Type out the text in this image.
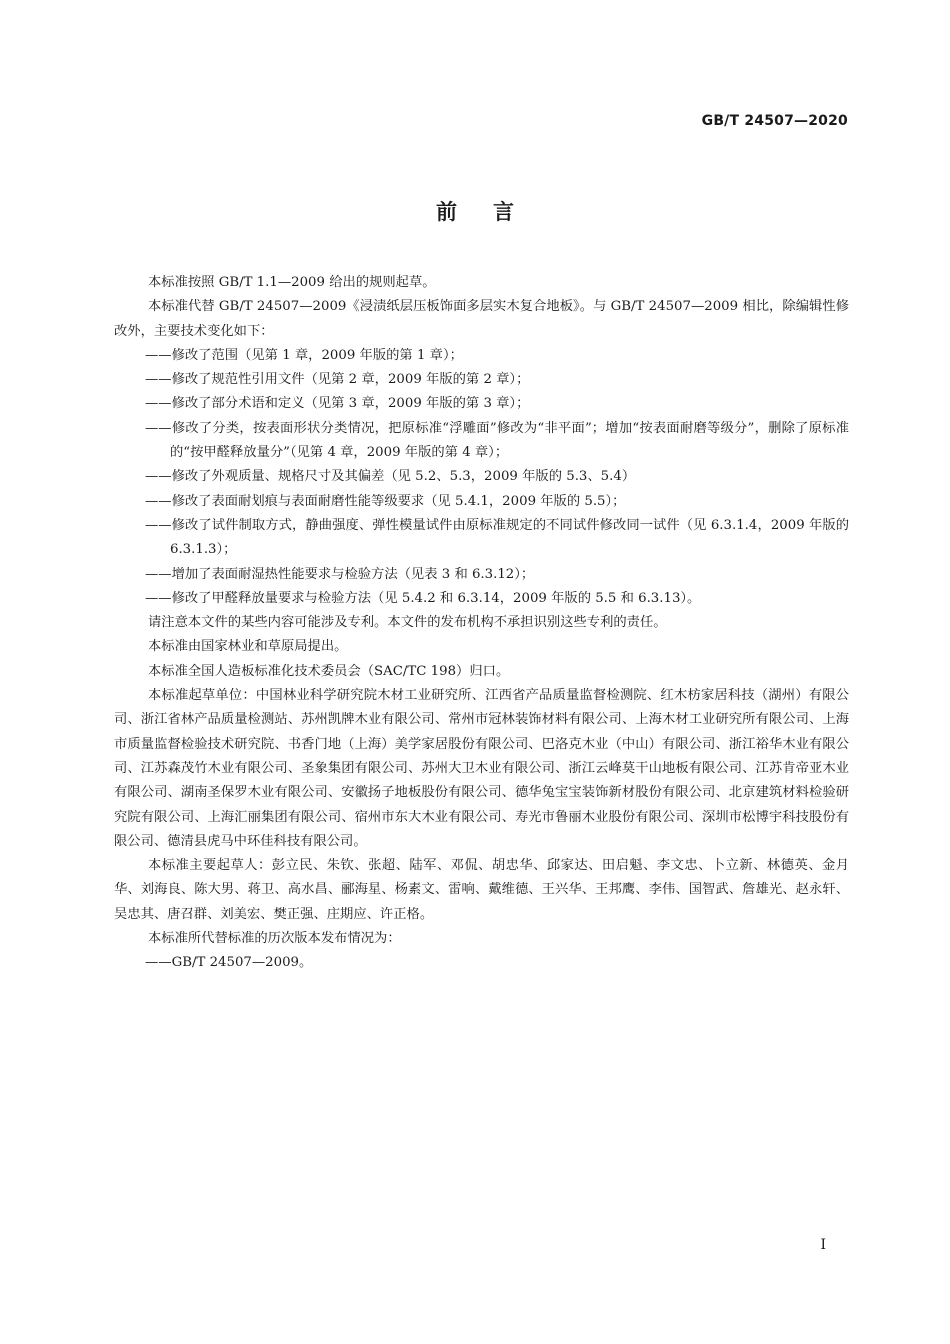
GB/T 24507—2020
前言

本标准按照 GB/T 1.1—2009 给出的规则起草。

本标准代替 GB/T 24507—2009《浸渍纸层压板饰面多层实木复合地板》。与 GB/T 24507—2009 相比，除编辑性修改外，主要技术变化如下：

——修改了范围（见第 1 章，2009 年版的第 1 章）；

——修改了规范性引用文件（见第 2 章，2009 年版的第 2 章）；

——修改了部分术语和定义（见第 3 章，2009 年版的第 3 章）；

——修改了分类，按表面形状分类情况，把原标准“浮雕面”修改为“非平面”；增加“按表面耐磨等级分”，删除了原标准的“按甲醛释放量分”（见第 4 章，2009 年版的第 4 章）；

——修改了外观质量、规格尺寸及其偏差（见 5.2、5.3，2009 年版的 5.3、5.4）

——修改了表面耐划痕与表面耐磨性能等级要求（见 5.4.1，2009 年版的 5.5）；

——修改了试件制取方式，静曲强度、弹性模量试件由原标准规定的不同试件修改同一试件（见 6.3.1.4，2009 年版的 6.3.1.3）；

——增加了表面耐湿热性能要求与检验方法（见表 3 和 6.3.12）；

——修改了甲醛释放量要求与检验方法（见 5.4.2 和 6.3.14，2009 年版的 5.5 和 6.3.13）。

请注意本文件的某些内容可能涉及专利。本文件的发布机构不承担识别这些专利的责任。

本标准由国家林业和草原局提出。

本标准全国人造板标准化技术委员会（SAC/TC 198）归口。

本标准起草单位：中国林业科学研究院木材工业研究所、江西省产品质量监督检测院、红木枋家居科技（湖州）有限公司、浙江省林产品质量检测站、苏州凯牌木业有限公司、常州市冠林装饰材料有限公司、上海木材工业研究所有限公司、上海市质量监督检验技术研究院、书香门地（上海）美学家居股份有限公司、巴洛克木业（中山）有限公司、浙江裕华木业有限公司、江苏森茂竹木业有限公司、圣象集团有限公司、苏州大卫木业有限公司、浙江云峰莫干山地板有限公司、江苏肯帝亚木业有限公司、湖南圣保罗木业有限公司、安徽扬子地板股份有限公司、德华兔宝宝装饰新材股份有限公司、北京建筑材料检验研究院有限公司、上海汇丽集团有限公司、宿州市东大木业有限公司、寿光市鲁丽木业股份有限公司、深圳市松博宇科技股份有限公司、德清县虎马中环佳科技有限公司。

本标准主要起草人：彭立民、朱钦、张超、陆军、邓侃、胡忠华、邱家达、田启魁、李文忠、卜立新、林德英、金月华、刘海良、陈大男、蒋卫、高水昌、郦海星、杨素文、雷响、戴维德、王兴华、王邦鹰、李伟、国智武、詹雄光、赵永轩、吴忠其、唐召群、刘美宏、樊正强、庄期应、许正格。

本标准所代替标准的历次版本发布情况为：

——GB/T 24507—2009。

I
